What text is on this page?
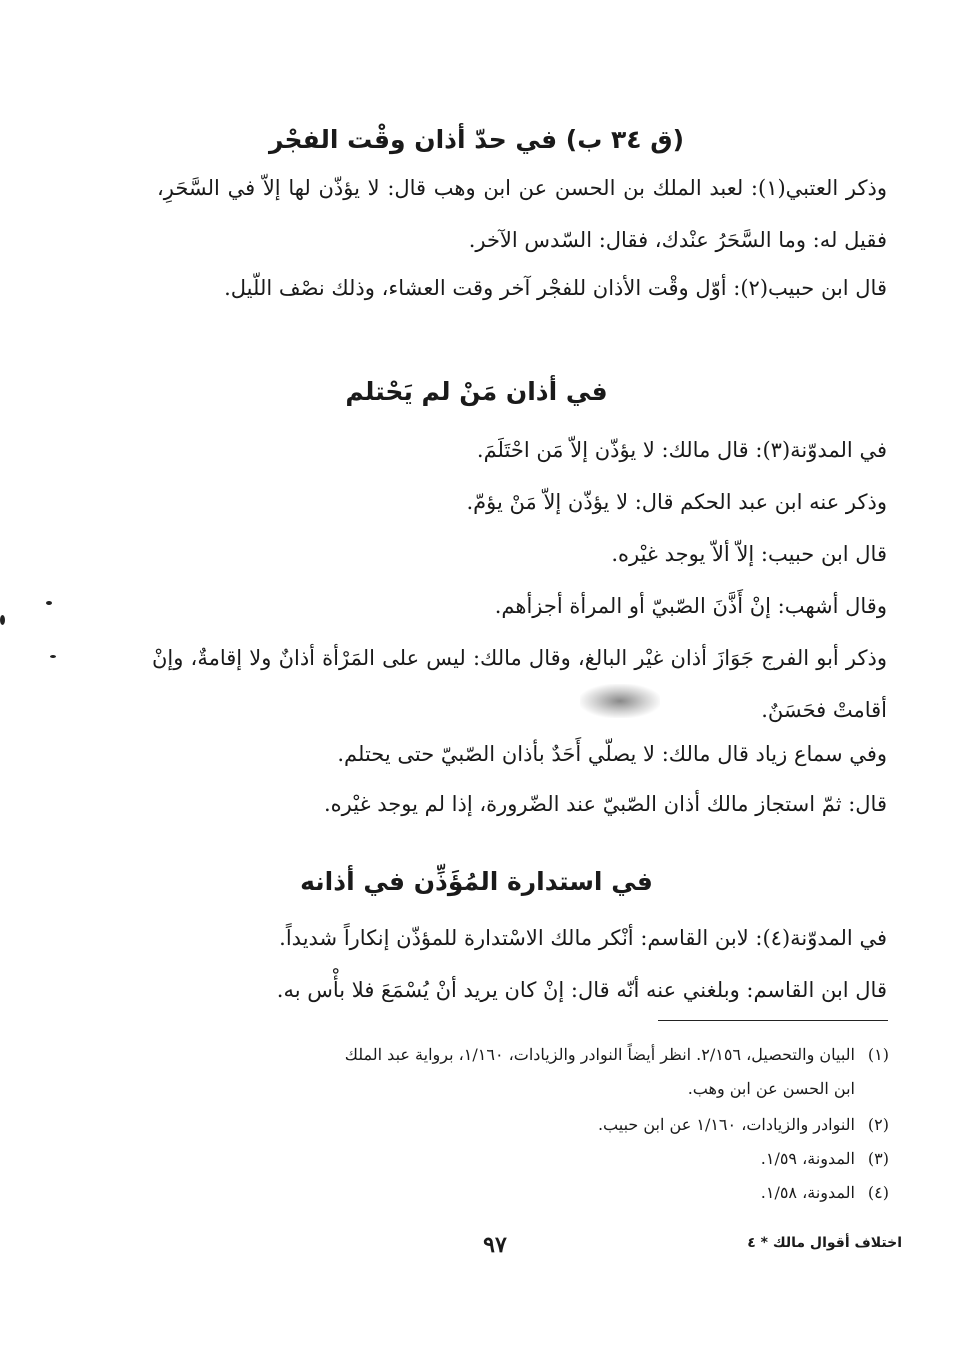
(ق ٣٤ ب) في حدّ أذان وقْت الفجْر
وذكر العتبي(١): لعبد الملك بن الحسن عن ابن وهب قال: لا يؤذّن لها إلاّ في السَّحَرِ، فقيل له: وما السَّحَرُ عنْدك، فقال: السّدس الآخر.
قال ابن حبيب(٢): أوّل وقْت الأذان للفجْر آخر وقت العشاء، وذلك نصْف اللّيل.
في أذان مَنْ لم يَحْتلم
في المدوّنة(٣): قال مالك: لا يؤذّن إلاّ مَن احْتَلَمَ.
وذكر عنه ابن عبد الحكم قال: لا يؤذّن إلاّ مَنْ يؤمّ.
قال ابن حبيب: إلاّ ألاّ يوجد غيْره.
وقال أشهب: إنْ أَذَّنَ الصّبيّ أو المرأة أجزأهم.
وذكر أبو الفرج جَوَازَ أذان غيْر البالغ، وقال مالك: ليس على المَرْأة أذانٌ ولا إقامةٌ، وإنْ أقامتْ فحَسَنٌ.
وفي سماع زياد قال مالك: لا يصلّي أَحَدٌ بأذان الصّبيّ حتى يحتلم.
قال: ثمّ استجاز مالك أذان الصّبيّ عند الضّرورة، إذا لم يوجد غيْره.
في استدارة المُؤَذِّن في أذانه
في المدوّنة(٤): لابن القاسم: أنْكر مالك الاسْتدارة للمؤذّن إنكاراً شديداً.
قال ابن القاسم: وبلغني عنه أنّه قال: إنْ كان يريد أنْ يُسْمَعَ فلا بأْس به.
(١)البيان والتحصيل، ٢/١٥٦. انظر أيضاً النوادر والزيادات، ١/١٦٠، برواية عبد الملك
ابن الحسن عن ابن وهب.
(٢)النوادر والزيادات، ١/١٦٠ عن ابن حبيب.
(٣)المدونة، ١/٥٩.
(٤)المدونة، ١/٥٨.
٩٧	اختلاف أقوال مالك * ٤
